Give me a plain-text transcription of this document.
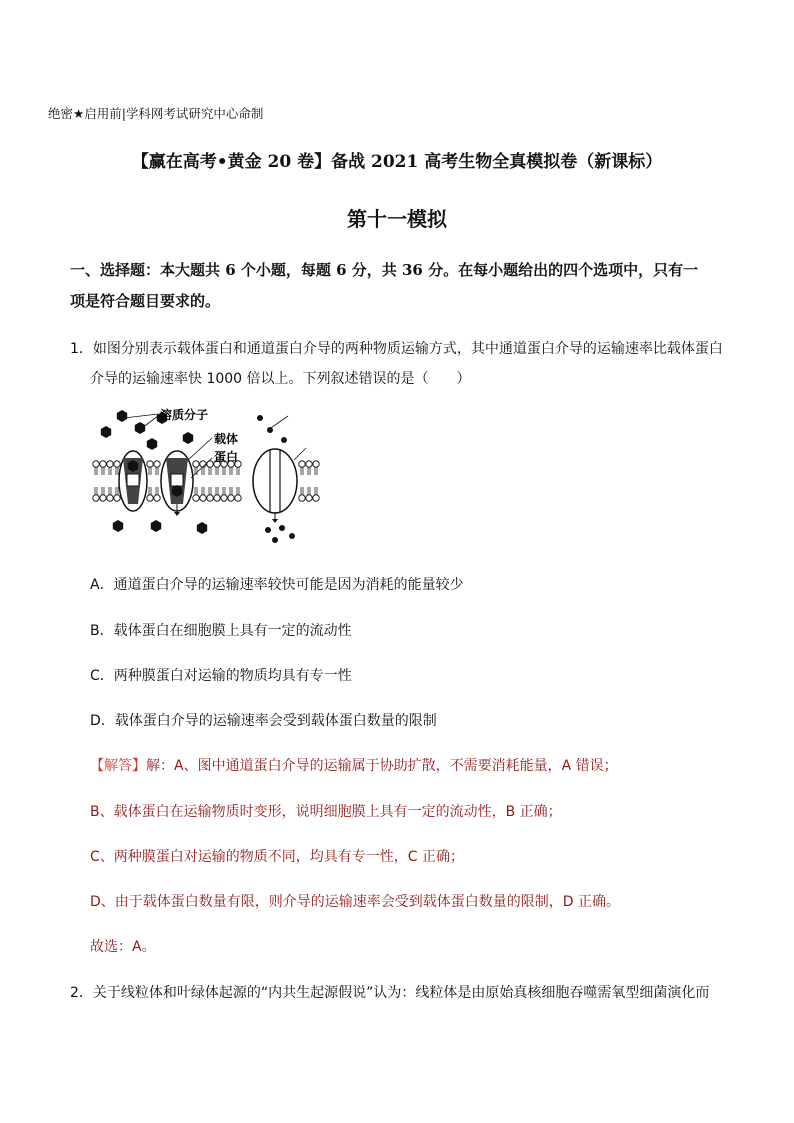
绝密★启用前|学科网考试研究中心命制
【赢在高考•黄金 20 卷】备战 2021 高考生物全真模拟卷（新课标）
第十一模拟
一、选择题：本大题共 6 个小题，每题 6 分，共 36 分。在每小题给出的四个选项中，只有一
项是符合题目要求的。
1．如图分别表示载体蛋白和通道蛋白介导的两种物质运输方式，其中通道蛋白介导的运输速率比载体蛋白
介导的运输速率快 1000 倍以上。下列叙述错误的是（　　）
溶质分子
载体
蛋白
A．通道蛋白介导的运输速率较快可能是因为消耗的能量较少
B．载体蛋白在细胞膜上具有一定的流动性
C．两种膜蛋白对运输的物质均具有专一性
D．载体蛋白介导的运输速率会受到载体蛋白数量的限制
【解答】解：A、图中通道蛋白介导的运输属于协助扩散，不需要消耗能量，A 错误；
B、载体蛋白在运输物质时变形，说明细胞膜上具有一定的流动性，B 正确；
C、两种膜蛋白对运输的物质不同，均具有专一性，C 正确；
D、由于载体蛋白数量有限，则介导的运输速率会受到载体蛋白数量的限制，D 正确。
故选：A。
2．关于线粒体和叶绿体起源的“内共生起源假说”认为：线粒体是由原始真核细胞吞噬需氧型细菌演化而
